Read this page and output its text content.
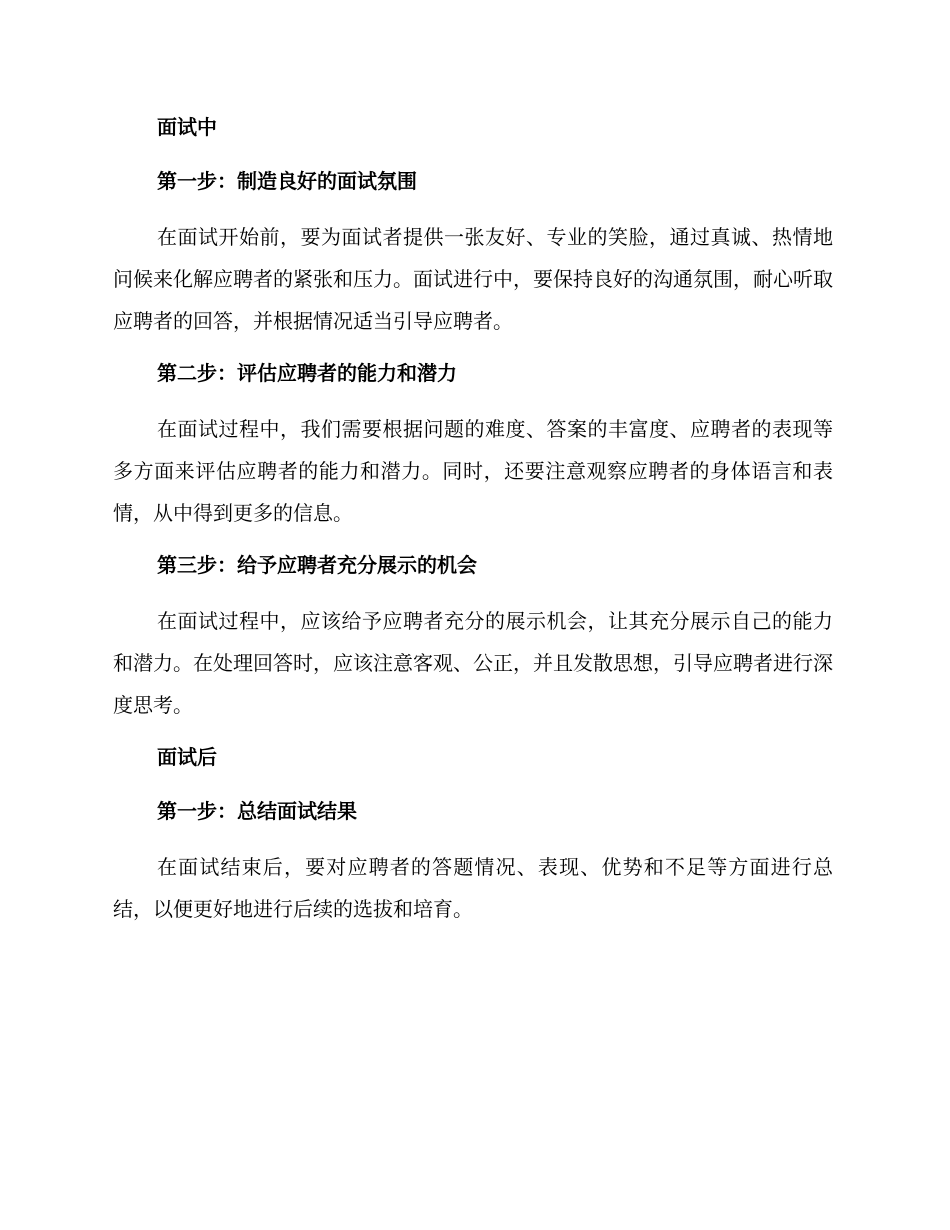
面试中
第一步：制造良好的面试氛围

在面试开始前，要为面试者提供一张友好、专业的笑脸，通过真诚、热情地问候来化解应聘者的紧张和压力。面试进行中，要保持良好的沟通氛围，耐心听取应聘者的回答，并根据情况适当引导应聘者。

第二步：评估应聘者的能力和潜力

在面试过程中，我们需要根据问题的难度、答案的丰富度、应聘者的表现等多方面来评估应聘者的能力和潜力。同时，还要注意观察应聘者的身体语言和表情，从中得到更多的信息。

第三步：给予应聘者充分展示的机会

在面试过程中，应该给予应聘者充分的展示机会，让其充分展示自己的能力和潜力。在处理回答时，应该注意客观、公正，并且发散思想，引导应聘者进行深度思考。

面试后
第一步：总结面试结果

在面试结束后，要对应聘者的答题情况、表现、优势和不足等方面进行总结，以便更好地进行后续的选拔和培育。
